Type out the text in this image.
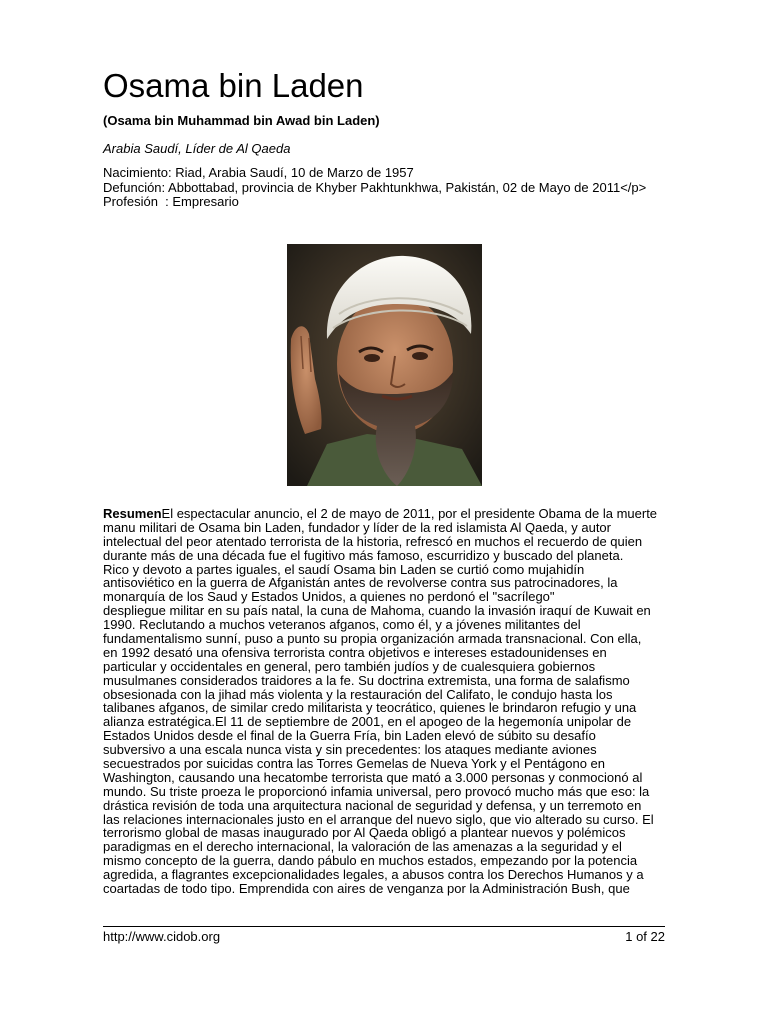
Osama bin Laden
(Osama bin Muhammad bin Awad bin Laden)
Arabia Saudí, Líder de Al Qaeda
Nacimiento: Riad, Arabia Saudí, 10 de Marzo de 1957
Defunción: Abbottabad, provincia de Khyber Pakhtunkhwa, Pakistán, 02 de Mayo de 2011</p>
Profesión  : Empresario
ResumenEl espectacular anuncio, el 2 de mayo de 2011, por el presidente Obama de la muerte
manu militari de Osama bin Laden, fundador y líder de la red islamista Al Qaeda, y autor
intelectual del peor atentado terrorista de la historia, refrescó en muchos el recuerdo de quien
durante más de una década fue el fugitivo más famoso, escurridizo y buscado del planeta.
Rico y devoto a partes iguales, el saudí Osama bin Laden se curtió como mujahidín
antisoviético en la guerra de Afganistán antes de revolverse contra sus patrocinadores, la
monarquía de los Saud y Estados Unidos, a quienes no perdonó el "sacrílego"
despliegue militar en su país natal, la cuna de Mahoma, cuando la invasión iraquí de Kuwait en
1990. Reclutando a muchos veteranos afganos, como él, y a jóvenes militantes del
fundamentalismo sunní, puso a punto su propia organización armada transnacional. Con ella,
en 1992 desató una ofensiva terrorista contra objetivos e intereses estadounidenses en
particular y occidentales en general, pero también judíos y de cualesquiera gobiernos
musulmanes considerados traidores a la fe. Su doctrina extremista, una forma de salafismo
obsesionada con la jihad más violenta y la restauración del Califato, le condujo hasta los
talibanes afganos, de similar credo militarista y teocrático, quienes le brindaron refugio y una
alianza estratégica.El 11 de septiembre de 2001, en el apogeo de la hegemonía unipolar de
Estados Unidos desde el final de la Guerra Fría, bin Laden elevó de súbito su desafío
subversivo a una escala nunca vista y sin precedentes: los ataques mediante aviones
secuestrados por suicidas contra las Torres Gemelas de Nueva York y el Pentágono en
Washington, causando una hecatombe terrorista que mató a 3.000 personas y conmocionó al
mundo. Su triste proeza le proporcionó infamia universal, pero provocó mucho más que eso: la
drástica revisión de toda una arquitectura nacional de seguridad y defensa, y un terremoto en
las relaciones internacionales justo en el arranque del nuevo siglo, que vio alterado su curso. El
terrorismo global de masas inaugurado por Al Qaeda obligó a plantear nuevos y polémicos
paradigmas en el derecho internacional, la valoración de las amenazas a la seguridad y el
mismo concepto de la guerra, dando pábulo en muchos estados, empezando por la potencia
agredida, a flagrantes excepcionalidades legales, a abusos contra los Derechos Humanos y a
coartadas de todo tipo. Emprendida con aires de venganza por la Administración Bush, que
http://www.cidob.org	1 of 22
